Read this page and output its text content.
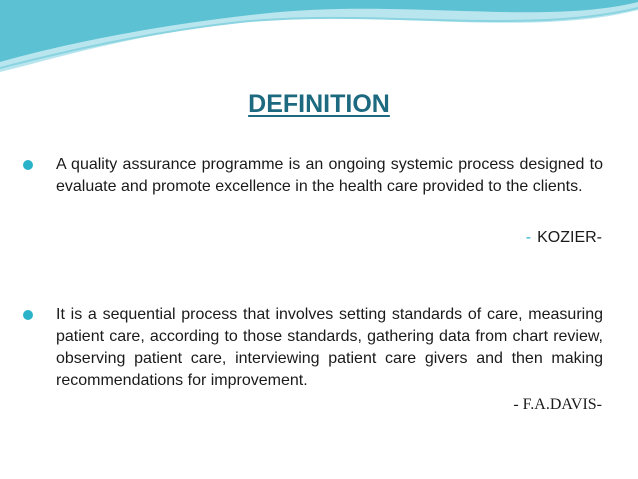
DEFINITION
A quality assurance programme is an ongoing systemic process designed to evaluate and promote excellence in the health care provided to the clients.
- KOZIER-
It is a sequential process that involves setting standards of care, measuring patient care, according to those standards, gathering data from chart review, observing patient care, interviewing patient care givers and then making recommendations for improvement.
- F.A.DAVIS-
